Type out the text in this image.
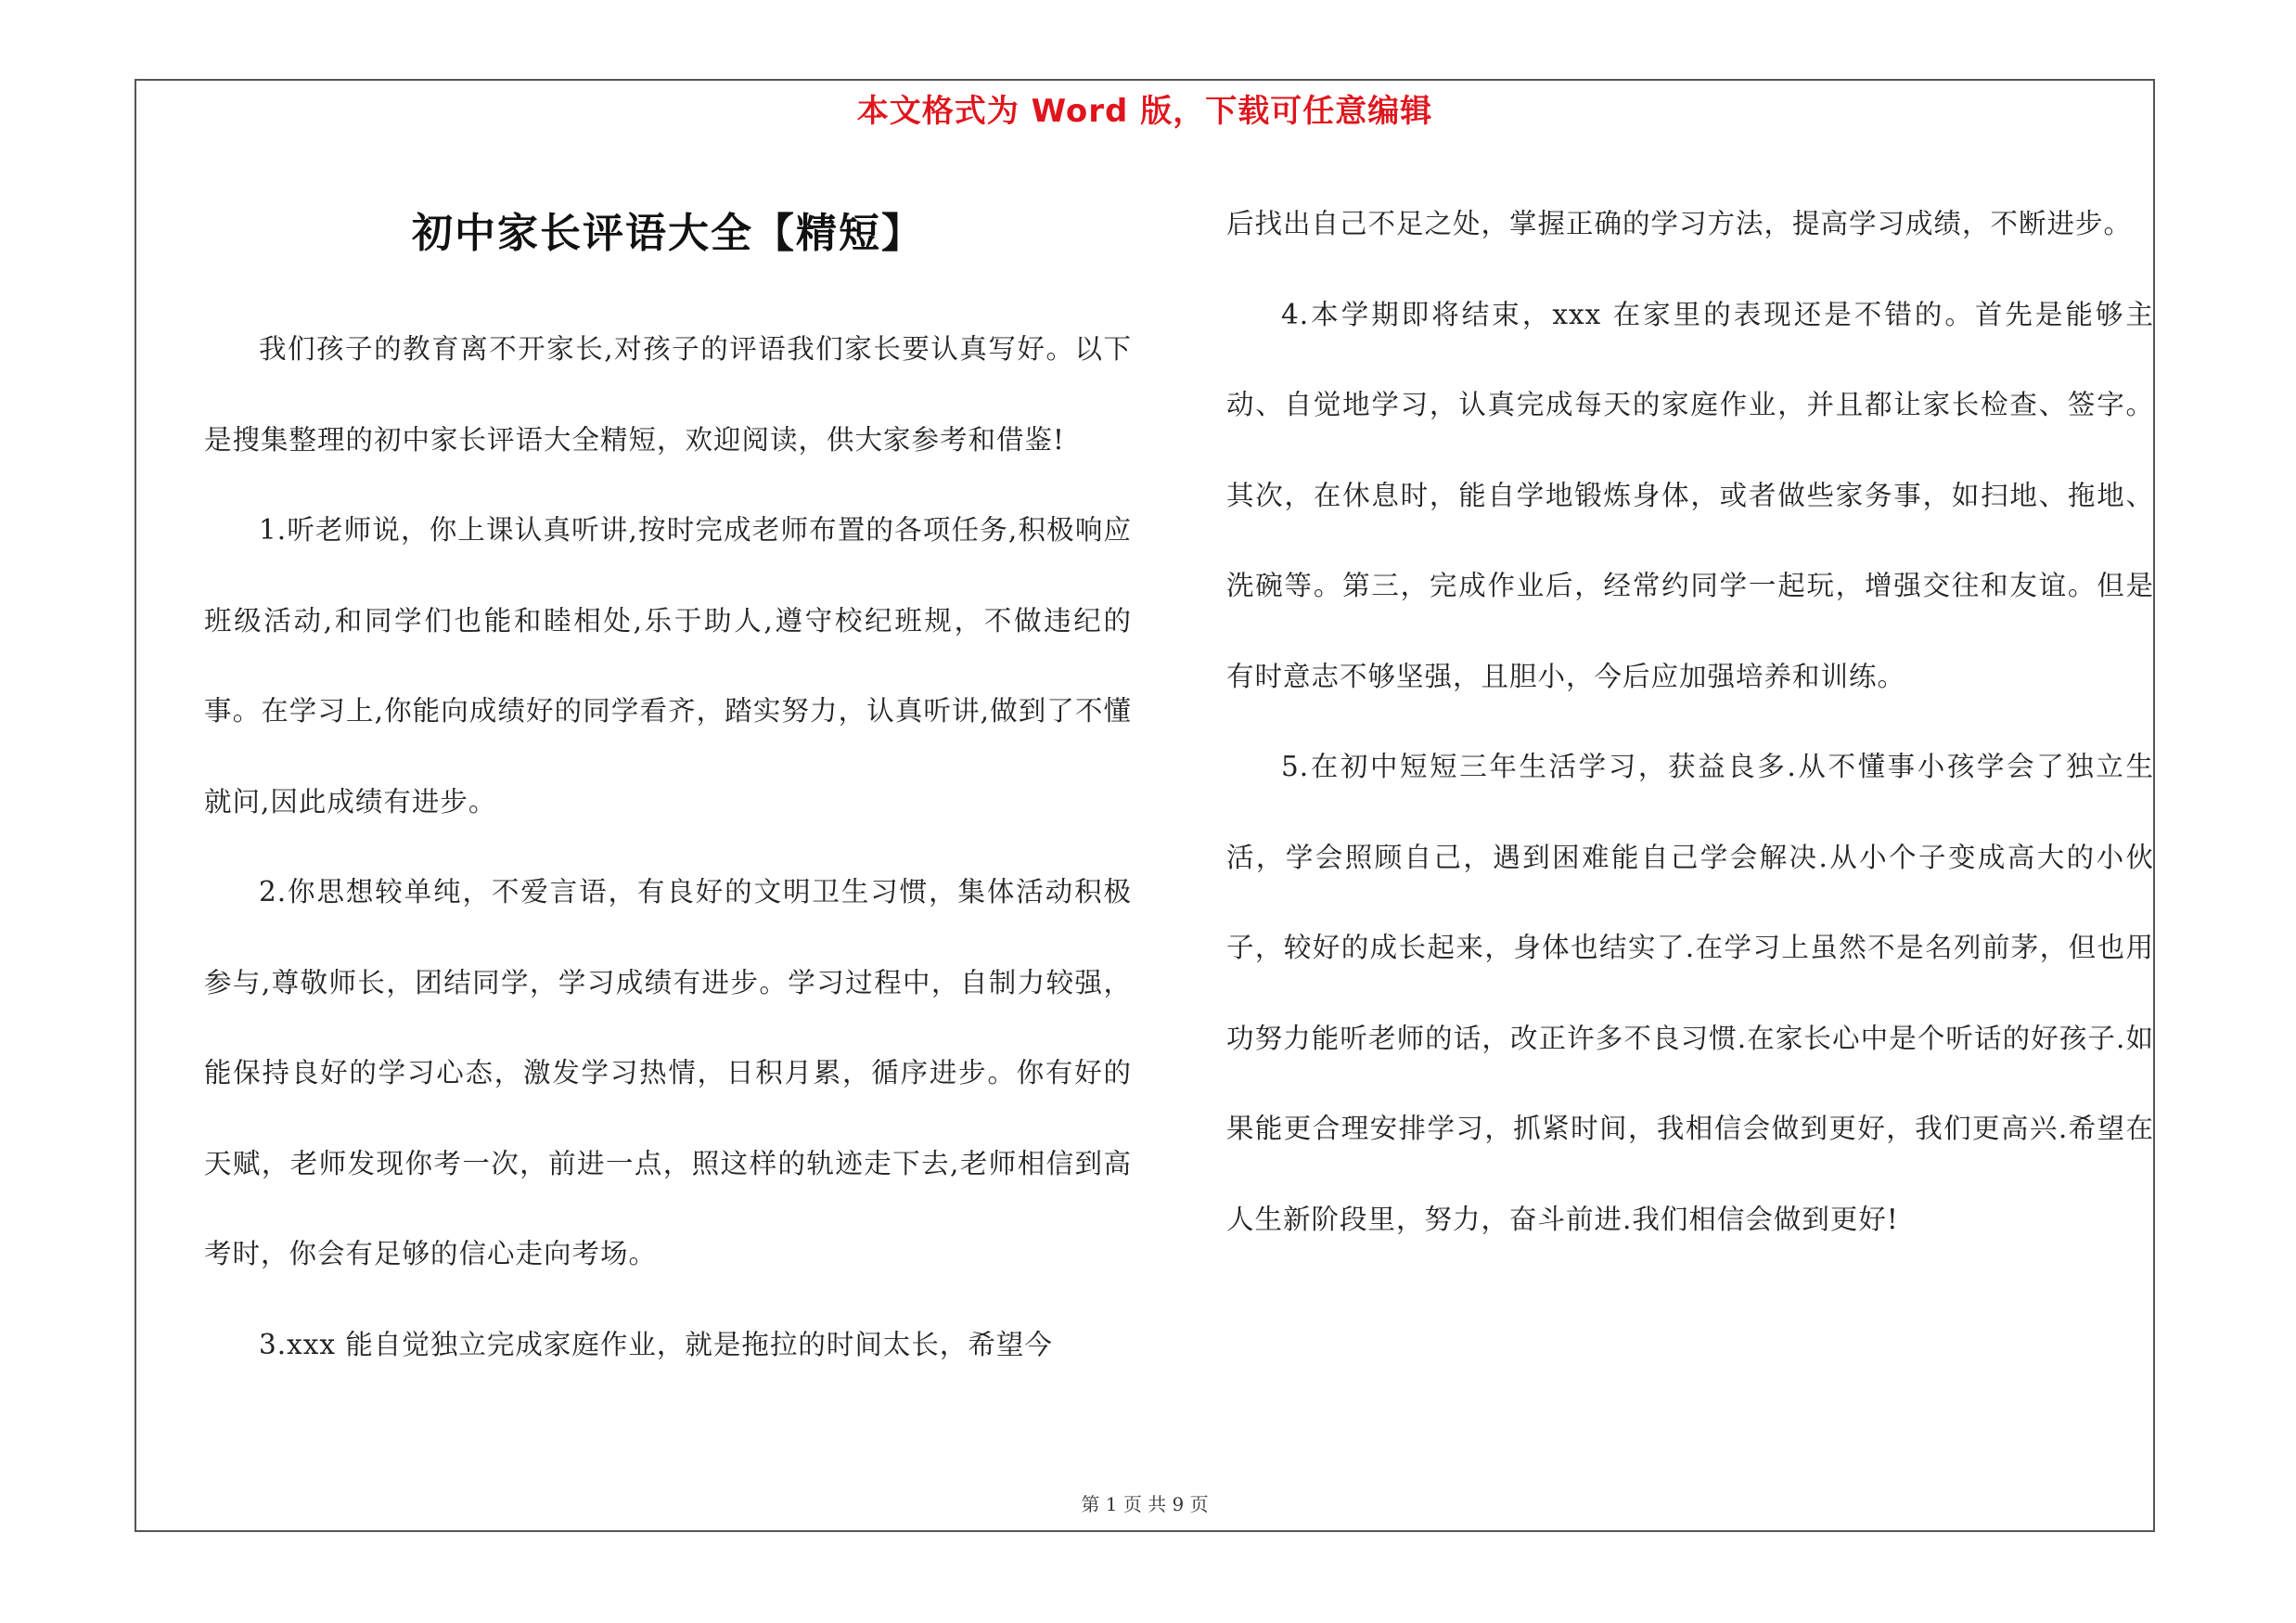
本文格式为 Word 版，下载可任意编辑
初中家长评语大全【精短】

我们孩子的教育离不开家长,对孩子的评语我们家长要认真写好。以下是搜集整理的初中家长评语大全精短，欢迎阅读，供大家参考和借鉴!

1.听老师说，你上课认真听讲,按时完成老师布置的各项任务,积极响应班级活动,和同学们也能和睦相处,乐于助人,遵守校纪班规，不做违纪的事。在学习上,你能向成绩好的同学看齐，踏实努力，认真听讲,做到了不懂就问,因此成绩有进步。

2.你思想较单纯，不爱言语，有良好的文明卫生习惯，集体活动积极参与,尊敬师长，团结同学，学习成绩有进步。学习过程中，自制力较强，能保持良好的学习心态，激发学习热情，日积月累，循序进步。你有好的天赋，老师发现你考一次，前进一点，照这样的轨迹走下去,老师相信到高考时，你会有足够的信心走向考场。

3.xxx 能自觉独立完成家庭作业，就是拖拉的时间太长，希望今

后找出自己不足之处，掌握正确的学习方法，提高学习成绩，不断进步。

4.本学期即将结束，xxx 在家里的表现还是不错的。首先是能够主动、自觉地学习，认真完成每天的家庭作业，并且都让家长检查、签字。其次，在休息时，能自学地锻炼身体，或者做些家务事，如扫地、拖地、洗碗等。第三，完成作业后，经常约同学一起玩，增强交往和友谊。但是有时意志不够坚强，且胆小，今后应加强培养和训练。

5.在初中短短三年生活学习，获益良多.从不懂事小孩学会了独立生活，学会照顾自己，遇到困难能自己学会解决.从小个子变成高大的小伙子，较好的成长起来，身体也结实了.在学习上虽然不是名列前茅，但也用功努力能听老师的话，改正许多不良习惯.在家长心中是个听话的好孩子.如果能更合理安排学习，抓紧时间，我相信会做到更好，我们更高兴.希望在人生新阶段里，努力，奋斗前进.我们相信会做到更好!

第 1 页 共 9 页
